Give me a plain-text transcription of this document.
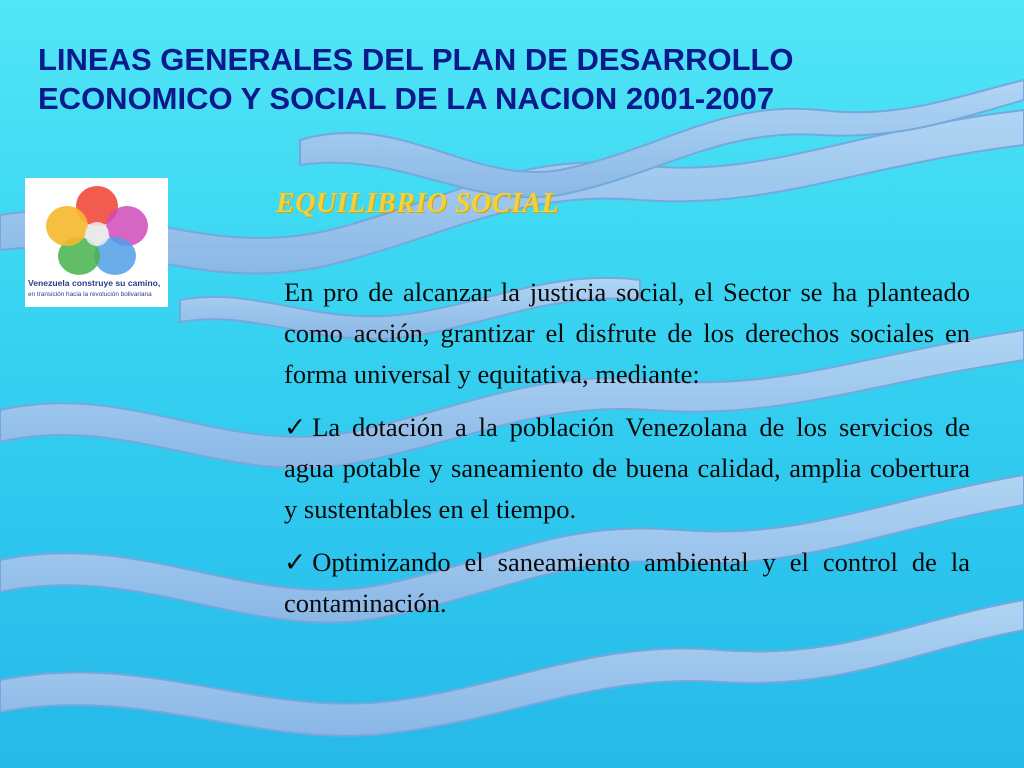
LINEAS GENERALES DEL PLAN DE DESARROLLO
ECONOMICO Y SOCIAL DE LA NACION 2001-2007
Venezuela construye su camino,
en transición hacia la revolución bolivariana
EQUILIBRIO SOCIAL

En pro de alcanzar la justicia social, el Sector se ha planteado como acción, grantizar el disfrute de los derechos sociales en forma universal y equitativa, mediante:

✓ La dotación a la población Venezolana de los servicios de agua potable y saneamiento de buena calidad, amplia cobertura y sustentables en el tiempo.

✓ Optimizando el saneamiento ambiental y el control de la contaminación.
